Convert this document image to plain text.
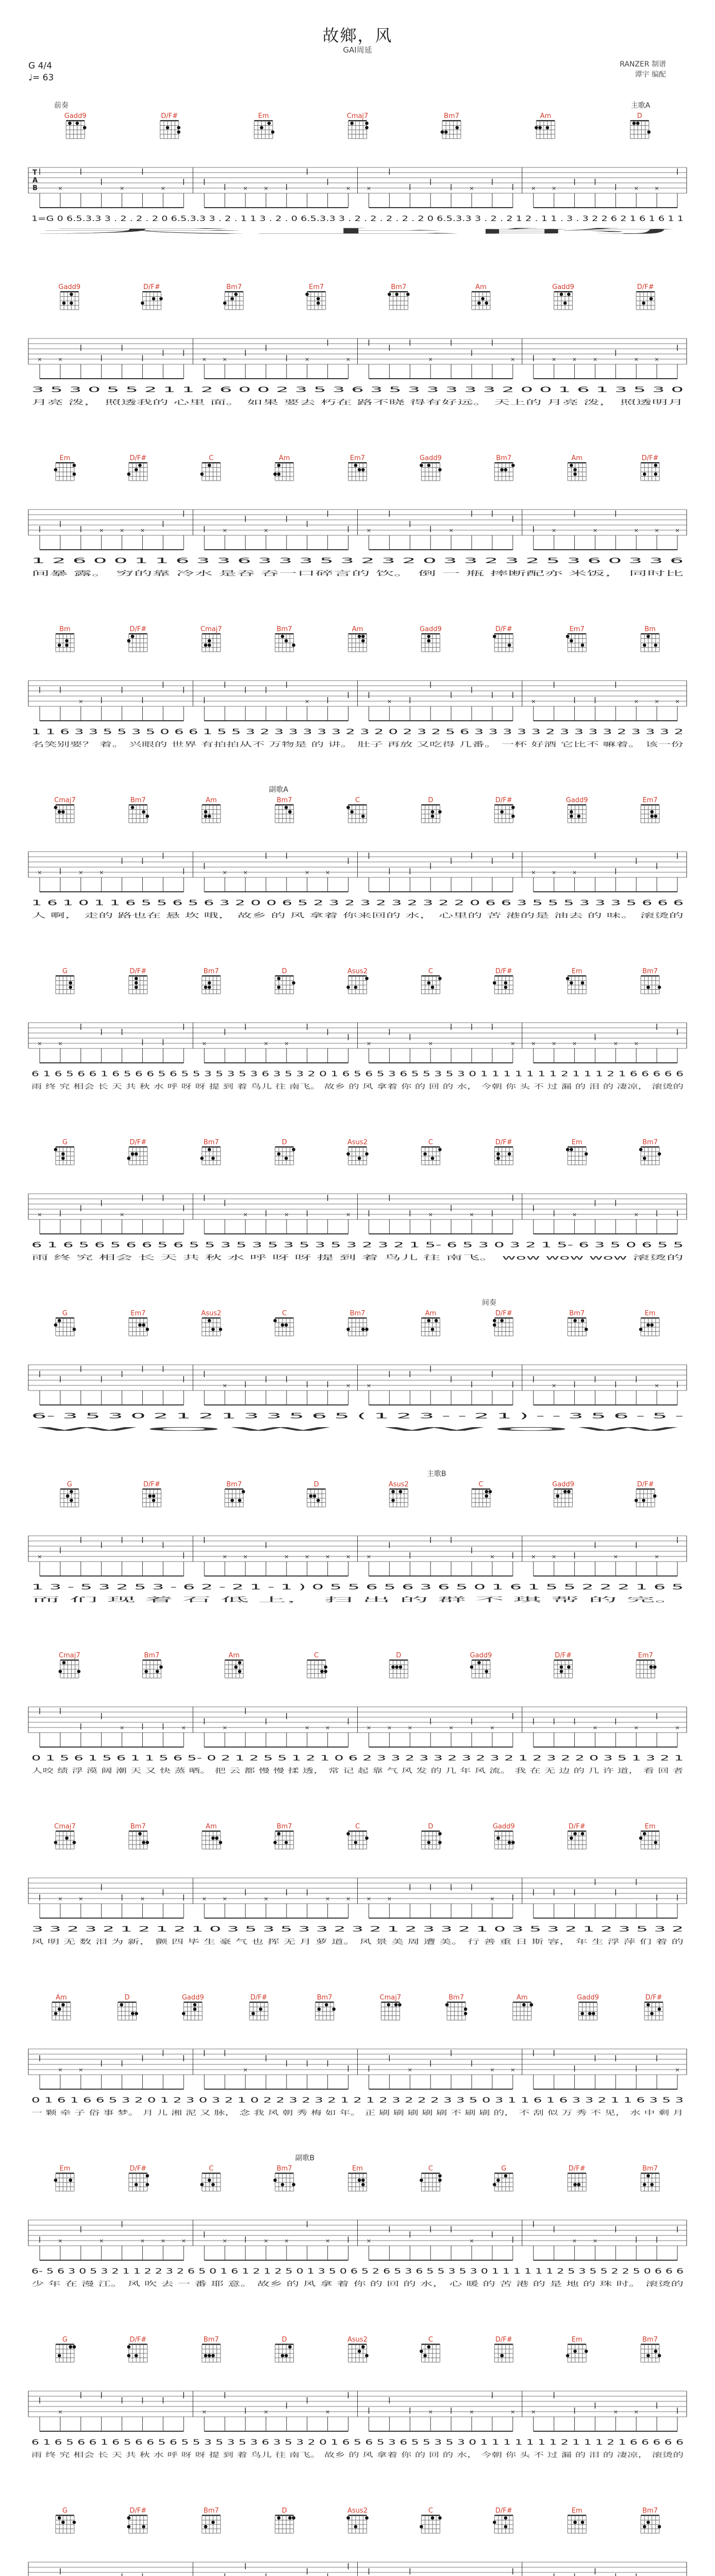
故鄉，风
GAI周延
RANZER 制谱
谭宇 编配
G 4/4
♩= 63
前奏	主歌A
Gadd9	D/F#	Em	Cmaj7	Bm7	Am	D
T
A
B	×	×	×	×	×	×	×	×	×	×	×	×
1=G 0 6.5.3.3 3 . 2 . 2 . 2 0 6.5.3.3 3 . 2 . 1 1 3 . 2 . 0 6.5.3.3 3 . 2 . 2 . 2 . 2 . 2 0 6.5.3.3 3 . 2 . 2 1 2 . 1 1 . 3 . 3 2 2 6 2 1 6 1 6 1 1
天上的
Gadd9	D/F#	Bm7	Em7	Bm7	Am	Gadd9	D/F#
×	×	×	×	×	×	×	×	×	×	×	×	×
3 5 3 0 5 5 2 1 1 2 6 0 0 2 3 5 3 6 3 5 3 3 3 3 3 2 0 0 1 6 1 3 5 3 0
月亮 泼， 照透我的 心里 面。 如果 要去 朽在 路不晓 得有好远。 天上的 月亮 泼， 照透明月
Em	D/F#	C	Am	Em7	Gadd9	Bm7	Am	D/F#
×	×	×	×	×	×	×	×	×	×	×	×
1 2 6 0 0 1 1 6 3 3 6 3 3 3 5 3 2 3 2 0 3 3 2 3 2 5 3 6 0 3 3 6
间暴 露。 穷的靠 冷水 是吞 吞一口碎言的 饮。 倒 一 瓶 摔断配亦 米饭， 同时比
Bm	D/F#	Cmaj7	Bm7	Am	Gadd9	D/F#	Em7	Bm
×	×	×	×	×	×	×
1 1 6 3 3 5 5 3 5 0 6 6 1 5 5 3 2 3 3 3 3 3 2 3 2 0 2 3 2 5 6 3 3 3 3 3 2 3 3 3 3 2 3 3 3 2
名笑别要？ 着。 兴眼的 世界 有拍拍从不 万物是 的 讲。 肚子 再放 又吃得 几番。 一杯 好酒 它比不 嘛着。 该一份
副歌A
Cmaj7	Bm7	Am	Bm7	C	D	D/F#	Gadd9	Em7
×	×	×	×	×	×	×	×	×	×
1 6 1 0 1 1 6 5 5 6 5 6 3 2 0 0 6 5 2 3 2 3 2 3 2 3 2 2 0 6 6 3 5 5 5 3 3 3 5 6 6 6
人 啊， 走的 路也在 悬 坎 哦， 故乡 的 风 拿着 你来回的 水， 心里的 苦 港的是 油去 的 味。 滚烫的
G	D/F#	Bm7	D	Asus2	C	D/F#	Em	Bm7
×	×	×	×	×	×	×	×	×	×	×	×	×
6 1 6 5 6 6 1 6 5 6 6 5 6 5 5 3 5 3 5 3 6 3 5 3 2 0 1 6 5 6 5 3 6 5 5 3 5 3 0 1 1 1 1 1 1 1 2 1 1 1 2 1 6 6 6 6 6
雨 终 究 相会 长 天 共 秋 水 呼 呀 呀 提 到 着 鸟儿 往 南飞。 故乡 的 风 拿着 你 的 回 的 水， 今朝 你 头 不 过 漏 的 泪 的 凄凉， 滚烫的
G	D/F#	Bm7	D	Asus2	C	D/F#	Em	Bm7
×	×	×	×	×	×	×	×	×
6 1 6 5 6 5 6 6 5 6 5 5 3 5 3 5 3 5 3 5 3 2 3 2 1 5- 6 5 3 0 3 2 1 5- 6 3 5 0 6 5 5
雨 终 究 相会 长 天 共 秋 水 呼 呀 呀 提 到 着 鸟儿 往 南飞。 wow wow wow 滚烫的
间奏
G	Em7	Asus2	C	Bm7	Am	D/F#	Bm7	Em
×	×	×	×	×
6- 3 5 3 0 2 1 2 1 3 3 5 6 5 ( 1 2 3 - - 2 1 ) - - 3 5 6 - 5 -
wow wow
主歌B
G	D/F#	Bm7	D	Asus2	C	Gadd9	D/F#
×	×	×	×	×	×	×	×	×	×	×	×	×
1 3 - 5 3 2 5 3 - 6 2 - 2 1 - 1 ) 0 5 5 6 5 6 3 6 5 0 1 6 1 5 5 2 2 2 1 6 5
而 们 现 着 石 低 上， 扫 出 的 群 不 琪 帮 的 完。
Cmaj7	Bm7	Am	C	D	Gadd9	D/F#	Em7
×	×	×	×	×	×	×	×	×	×	×	×	×
0 1 5 6 1 5 6 1 1 5 6 5- 0 2 1 2 5 5 1 2 1 0 6 2 3 3 2 3 3 2 3 2 3 2 1 2 3 2 2 0 3 5 1 3 2 1
人咬 绩 浮 漠 阔 潮 天 又 快 蒸 晒。 把 云 都 慢 慢 揉 透， 常 记 起 靠 气 风 发 的 几 年 风 流。 我 在 无 边 的 几 许 道， 看 回 者
Cmaj7	Bm7	Am	Bm7	C	D	Gadd9	D/F#	Em
×	×	×	×	×	×	×	×	×	×	×
3 3 2 3 2 1 2 1 2 1 0 3 5 3 5 3 3 2 3 2 1 2 3 3 2 1 0 3 5 3 2 1 2 3 5 3 2
风 明 无 数 泪 为 新， 颤 四 毕 生 豪 气 也 挥 无 月 萝 道。 风 景 美 周 遭 美。 行 善 重 日 斯 容， 年 生 浮 萍 们 着 的
Am	D	Gadd9	D/F#	Bm7	Cmaj7	Bm7	Am	Gadd9	D/F#
×	×	×	×	×	×	×
0 1 6 1 6 6 5 3 2 0 1 2 3 0 3 2 1 0 2 2 3 2 3 2 1 2 1 2 3 2 2 2 3 3 5 0 3 1 1 6 1 6 3 3 2 1 1 6 3 5 3
一 颗 牵 子 俗 事 梦。 月 儿 湘 泥 又 脉， 念 我 风 朝 秀 梅 如 年。 正 刷 刷 刷 刷 刷 不 刷 刷 的， 不 刮 似 万 秀 不 见， 水 中 剩 月
副歌B
Em	D/F#	C	Bm7	Em	C	G	D/F#	Bm7
×	×	×	×	×	×	×	×	×	×	×	×	×
6- 5 6 3 0 5 3 2 1 1 2 2 3 2 6 5 0 1 6 1 2 1 2 5 0 1 3 5 0 6 5 2 6 5 3 6 5 5 3 5 3 0 1 1 1 1 1 1 2 5 3 5 5 2 2 5 0 6 6 6
少 年 在 漫 江。 风 吹 去 一 番 耶 意。 故乡 的 风 拿 着 你 的 回 的 水， 心 暖 的 苦 港 的 是 地 的 珠 时。 滚烫的
G	D/F#	Bm7	D	Asus2	C	D/F#	Em	Bm7
×	×	×	×	×	×	×	×	×	×
6 1 6 5 6 6 1 6 5 6 6 5 6 5 5 3 5 3 5 3 6 3 5 3 2 0 1 6 5 6 5 3 6 5 5 3 5 3 0 1 1 1 1 1 1 1 2 1 1 1 2 1 6 6 6 6 6
雨 终 究 相会 长 天 共 秋 水 呼 呀 呀 提 到 着 鸟儿 往 南飞。 故乡 的 风 拿着 你 的 回 的 水， 今朝 你 头 不 过 漏 的 泪 的 凄凉， 滚烫的
G	D/F#	Bm7	D	Asus2	C	D/F#	Em	Bm7
